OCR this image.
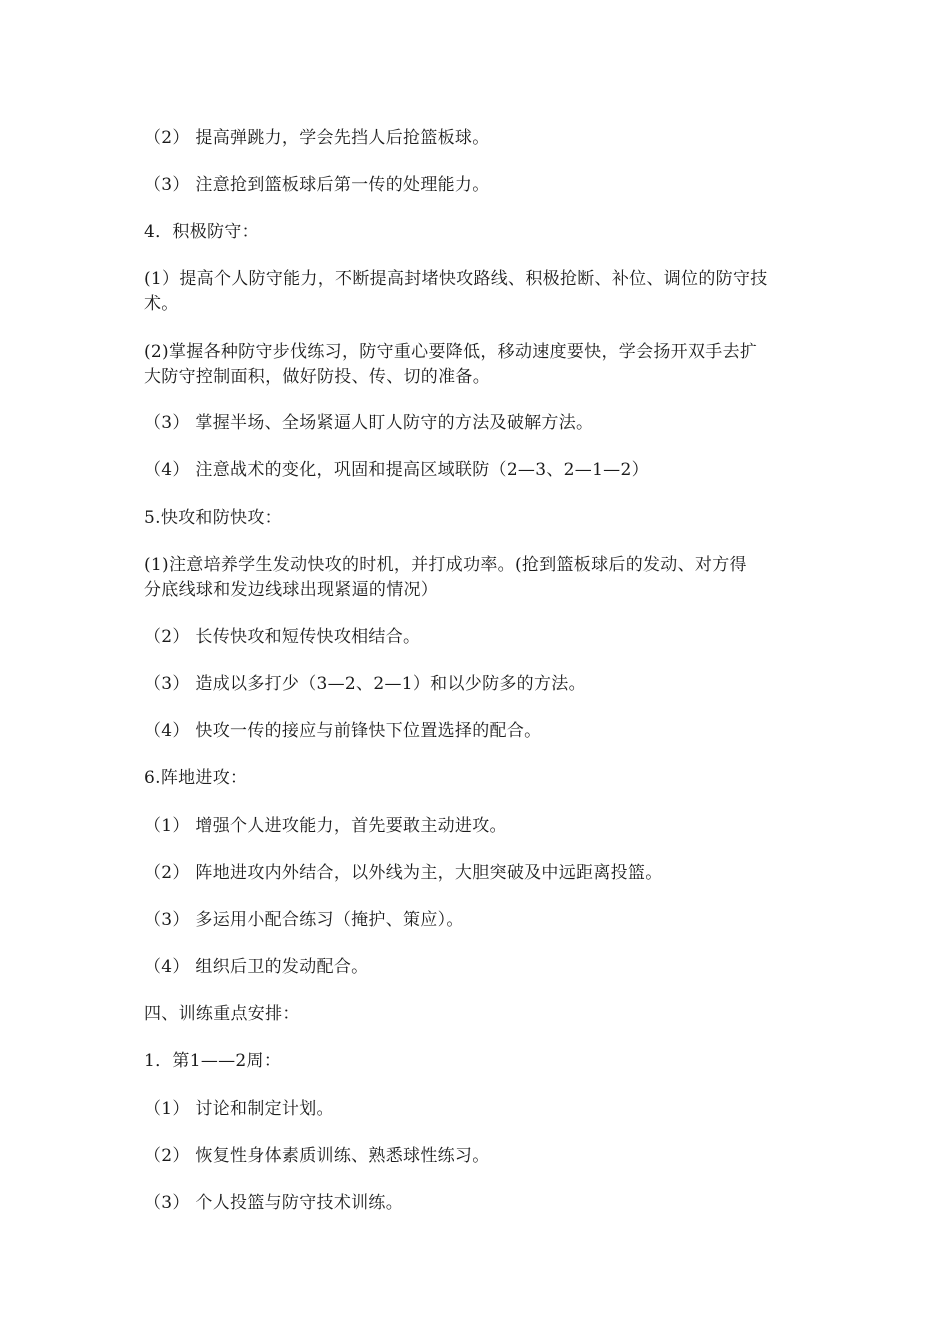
（2） 提高弹跳力，学会先挡人后抢篮板球。
（3） 注意抢到篮板球后第一传的处理能力。
4．积极防守：
(1）提高个人防守能力，不断提高封堵快攻路线、积极抢断、补位、调位的防守技
术。
(2)掌握各种防守步伐练习，防守重心要降低，移动速度要快，学会扬开双手去扩
大防守控制面积，做好防投、传、切的准备。
（3） 掌握半场、全场紧逼人盯人防守的方法及破解方法。
（4） 注意战术的变化，巩固和提高区域联防（2—3、2—1—2）
5.快攻和防快攻：
(1)注意培养学生发动快攻的时机，并打成功率。(抢到篮板球后的发动、对方得
分底线球和发边线球出现紧逼的情况）
（2） 长传快攻和短传快攻相结合。
（3） 造成以多打少（3—2、2—1）和以少防多的方法。
（4） 快攻一传的接应与前锋快下位置选择的配合。
6.阵地进攻：
（1） 增强个人进攻能力，首先要敢主动进攻。
（2） 阵地进攻内外结合，以外线为主，大胆突破及中远距离投篮。
（3） 多运用小配合练习（掩护、策应）。
（4） 组织后卫的发动配合。
四、训练重点安排：
1．第1——2周：
（1） 讨论和制定计划。
（2） 恢复性身体素质训练、熟悉球性练习。
（3） 个人投篮与防守技术训练。
